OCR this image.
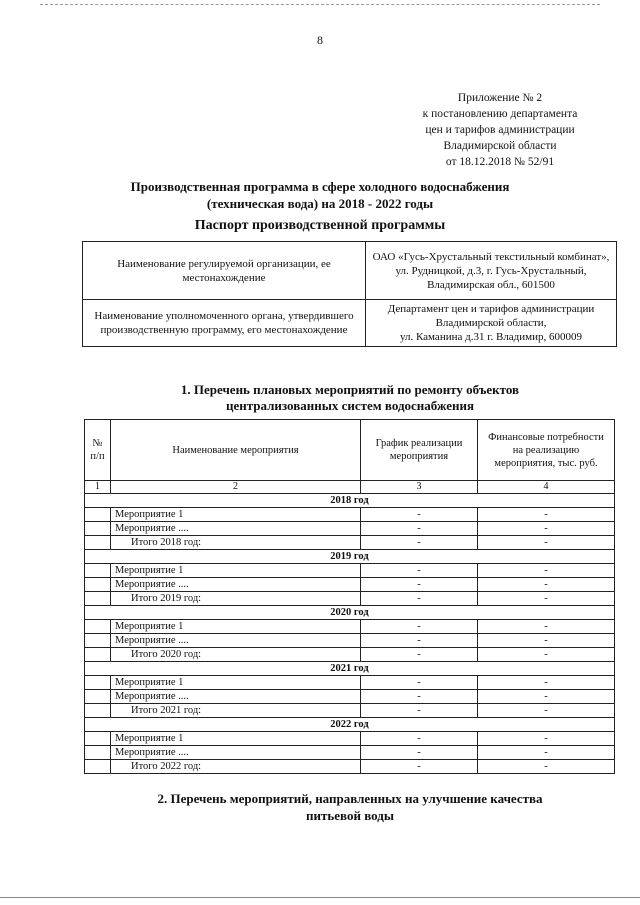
8
Приложение № 2
к постановлению департамента
цен и тарифов администрации
Владимирской области
от 18.12.2018 № 52/91
Производственная программа в сфере холодного водоснабжения
(техническая вода) на 2018 - 2022 годы
Паспорт производственной программы
Наименование регулируемой организации, ее местонахождение	ОАО «Гусь-Хрустальный текстильный комбинат»,
ул. Рудницкой, д.3, г. Гусь-Хрустальный,
Владимирская обл., 601500

Наименование уполномоченного органа, утвердившего производственную программу, его местонахождение	Департамент цен и тарифов администрации
Владимирской области,
ул. Каманина д.31 г. Владимир, 600009
1. Перечень плановых мероприятий по ремонту объектов
централизованных систем водоснабжения
№ п/п	Наименование мероприятия	График реализации мероприятия	Финансовые потребности на реализацию мероприятия, тыс. руб.
1	2	3	4
2018 год			
	Мероприятие 1	-	-
	Мероприятие ....	-	-
	Итого 2018 год:	-	-
2019 год			
	Мероприятие 1	-	-
	Мероприятие ....	-	-
	Итого 2019 год:	-	-
2020 год			
	Мероприятие 1	-	-
	Мероприятие ....	-	-
	Итого 2020 год:	-	-
2021 год			
	Мероприятие 1	-	-
	Мероприятие ....	-	-
	Итого 2021 год:	-	-
2022 год			
	Мероприятие 1	-	-
	Мероприятие ....	-	-
	Итого 2022 год:	-	-
2. Перечень мероприятий, направленных на улучшение качества
питьевой воды
